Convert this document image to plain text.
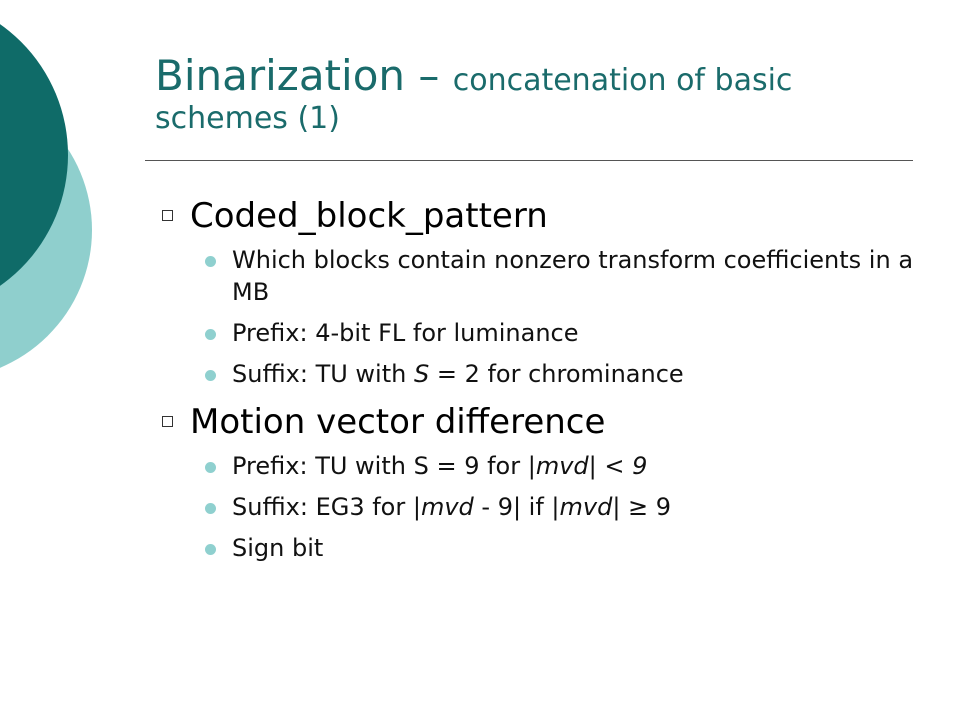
Binarization – concatenation of basic schemes (1)
Coded_block_pattern
Which blocks contain nonzero transform coefficients in a MB
Prefix: 4-bit FL for luminance
Suffix: TU with S = 2 for chrominance
Motion vector difference
Prefix: TU with S = 9 for |mvd| < 9
Suffix: EG3 for |mvd - 9| if |mvd| ≥ 9
Sign bit
